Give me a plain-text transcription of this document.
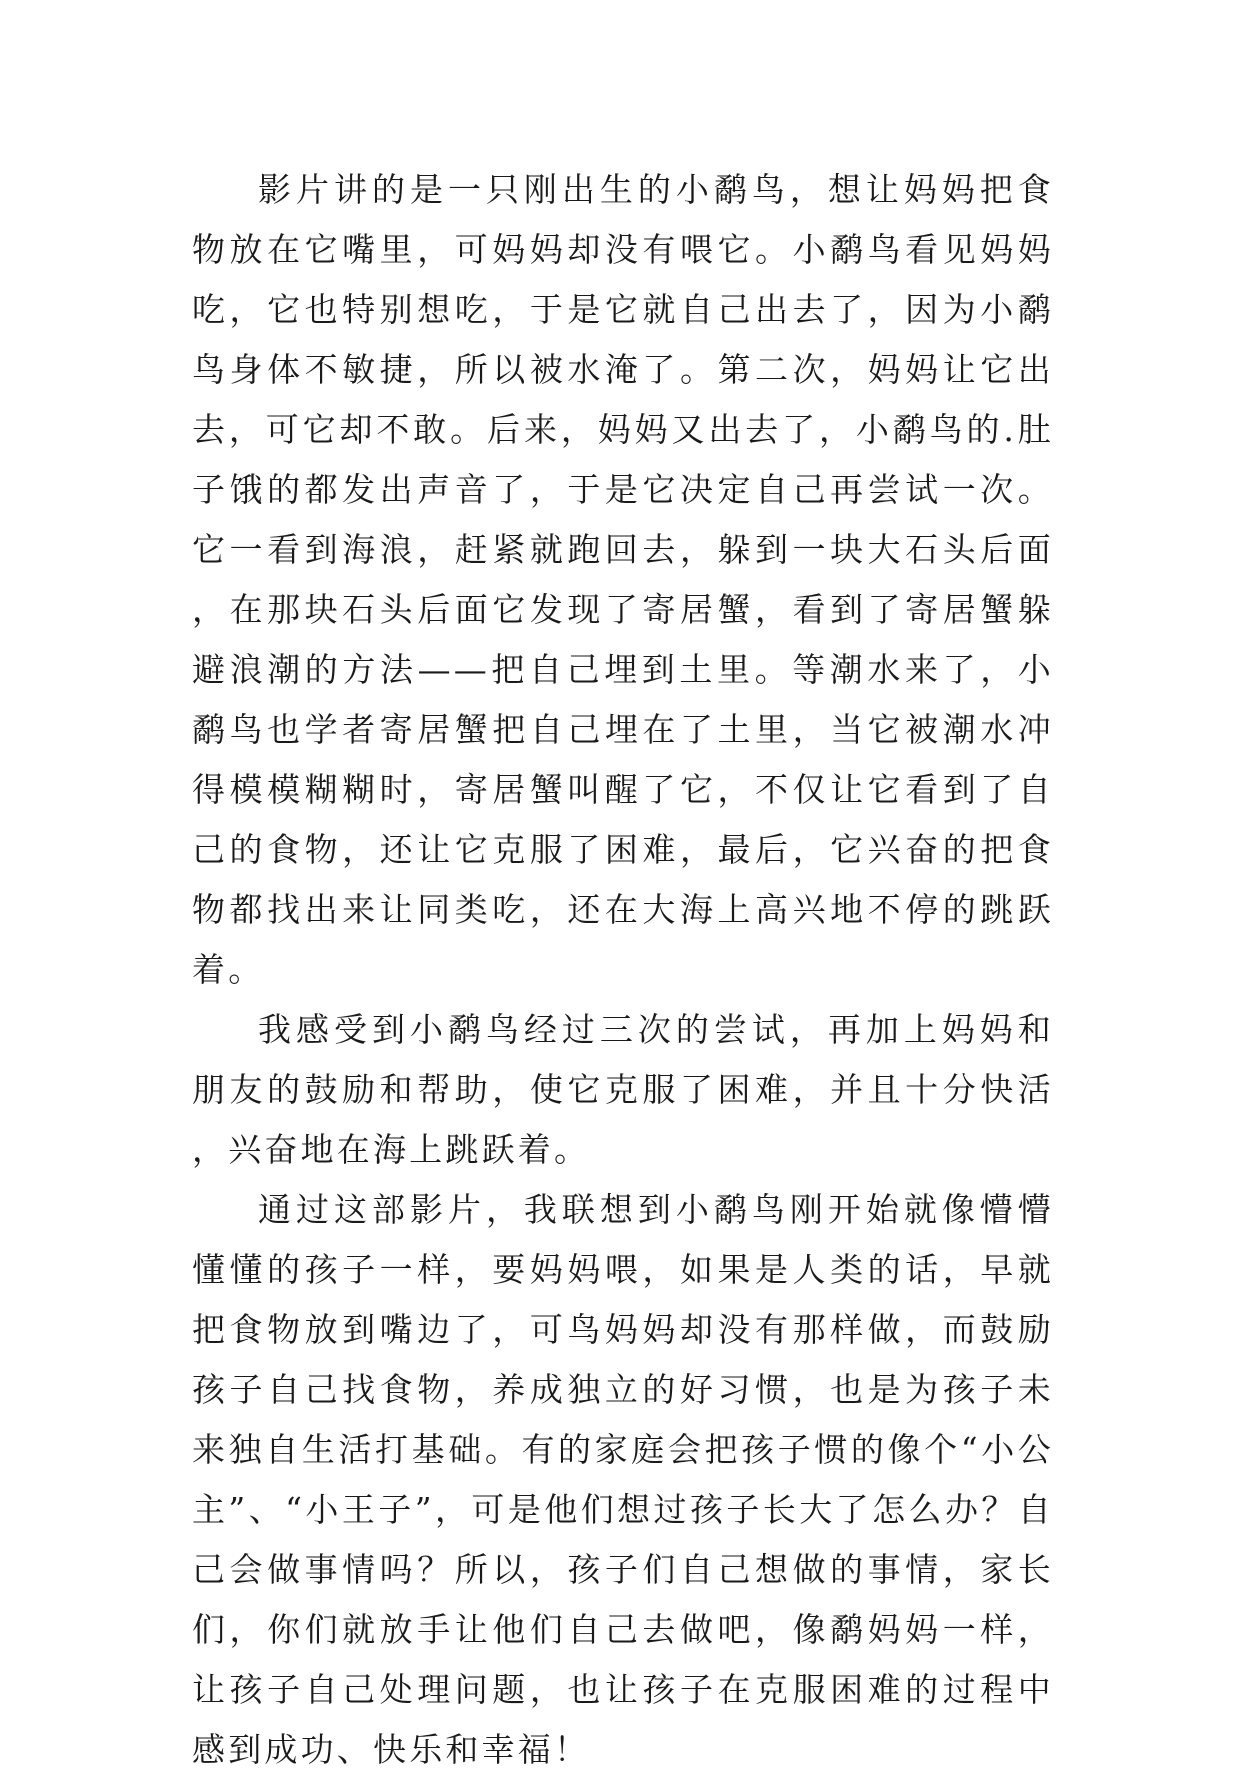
影片讲的是一只刚出生的小鹬鸟，想让妈妈把食物放在它嘴里，可妈妈却没有喂它。小鹬鸟看见妈妈吃，它也特别想吃，于是它就自己出去了，因为小鹬鸟身体不敏捷，所以被水淹了。第二次，妈妈让它出去，可它却不敢。后来，妈妈又出去了，小鹬鸟的.肚子饿的都发出声音了，于是它决定自己再尝试一次。它一看到海浪，赶紧就跑回去，躲到一块大石头后面，在那块石头后面它发现了寄居蟹，看到了寄居蟹躲避浪潮的方法——把自己埋到土里。等潮水来了，小鹬鸟也学者寄居蟹把自己埋在了土里，当它被潮水冲得模模糊糊时，寄居蟹叫醒了它，不仅让它看到了自己的食物，还让它克服了困难，最后，它兴奋的把食物都找出来让同类吃，还在大海上高兴地不停的跳跃着。

我感受到小鹬鸟经过三次的尝试，再加上妈妈和朋友的鼓励和帮助，使它克服了困难，并且十分快活，兴奋地在海上跳跃着。

通过这部影片，我联想到小鹬鸟刚开始就像懵懵懂懂的孩子一样，要妈妈喂，如果是人类的话，早就把食物放到嘴边了，可鸟妈妈却没有那样做，而鼓励孩子自己找食物，养成独立的好习惯，也是为孩子未来独自生活打基础。有的家庭会把孩子惯的像个“小公主”、“小王子”，可是他们想过孩子长大了怎么办？自己会做事情吗？所以，孩子们自己想做的事情，家长们，你们就放手让他们自己去做吧，像鹬妈妈一样，让孩子自己处理问题，也让孩子在克服困难的过程中感到成功、快乐和幸福！
